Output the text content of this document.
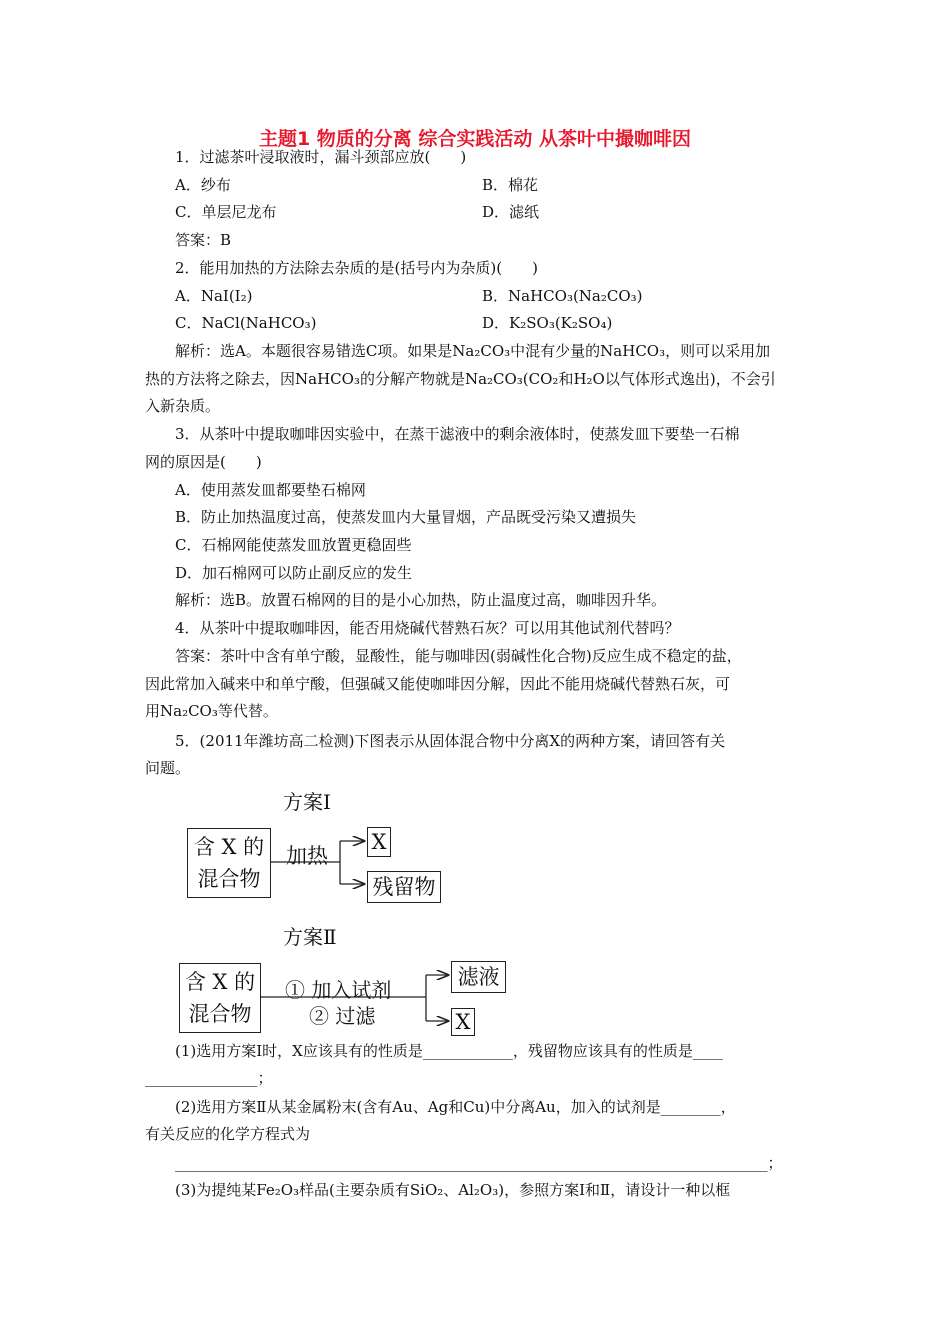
主题1 物质的分离 综合实践活动 从茶叶中撮咖啡因
1．过滤茶叶浸取液时，漏斗颈部应放(　　)
A．纱布	B．棉花
C．单层尼龙布	D．滤纸
答案：B
2．能用加热的方法除去杂质的是(括号内为杂质)(　　)
A．NaI(I₂)	B．NaHCO₃(Na₂CO₃)
C．NaCl(NaHCO₃)	D．K₂SO₃(K₂SO₄)
解析：选A。本题很容易错选C项。如果是Na₂CO₃中混有少量的NaHCO₃，则可以采用加
热的方法将之除去，因NaHCO₃的分解产物就是Na₂CO₃(CO₂和H₂O以气体形式逸出)，不会引
入新杂质。
3．从茶叶中提取咖啡因实验中，在蒸干滤液中的剩余液体时，使蒸发皿下要垫一石棉
网的原因是(　　)
A．使用蒸发皿都要垫石棉网
B．防止加热温度过高，使蒸发皿内大量冒烟，产品既受污染又遭损失
C．石棉网能使蒸发皿放置更稳固些
D．加石棉网可以防止副反应的发生
解析：选B。放置石棉网的目的是小心加热，防止温度过高，咖啡因升华。
4．从茶叶中提取咖啡因，能否用烧碱代替熟石灰？可以用其他试剂代替吗？
答案：茶叶中含有单宁酸，显酸性，能与咖啡因(弱碱性化合物)反应生成不稳定的盐，
因此常加入碱来中和单宁酸，但强碱又能使咖啡因分解，因此不能用烧碱代替熟石灰，可
用Na₂CO₃等代替。
5．(2011年潍坊高二检测)下图表示从固体混合物中分离X的两种方案，请回答有关
问题。
方案Ⅰ
含 X 的
混合物
加热
X
残留物
方案Ⅱ
含 X 的
混合物
① 加入试剂
② 过滤
滤液
X
(1)选用方案Ⅰ时，X应该具有的性质是____________，残留物应该具有的性质是____
_______________；
(2)选用方案Ⅱ从某金属粉末(含有Au、Ag和Cu)中分离Au，加入的试剂是________，
有关反应的化学方程式为
_______________________________________________________________________________；
(3)为提纯某Fe₂O₃样品(主要杂质有SiO₂、Al₂O₃)，参照方案Ⅰ和Ⅱ，请设计一种以框
